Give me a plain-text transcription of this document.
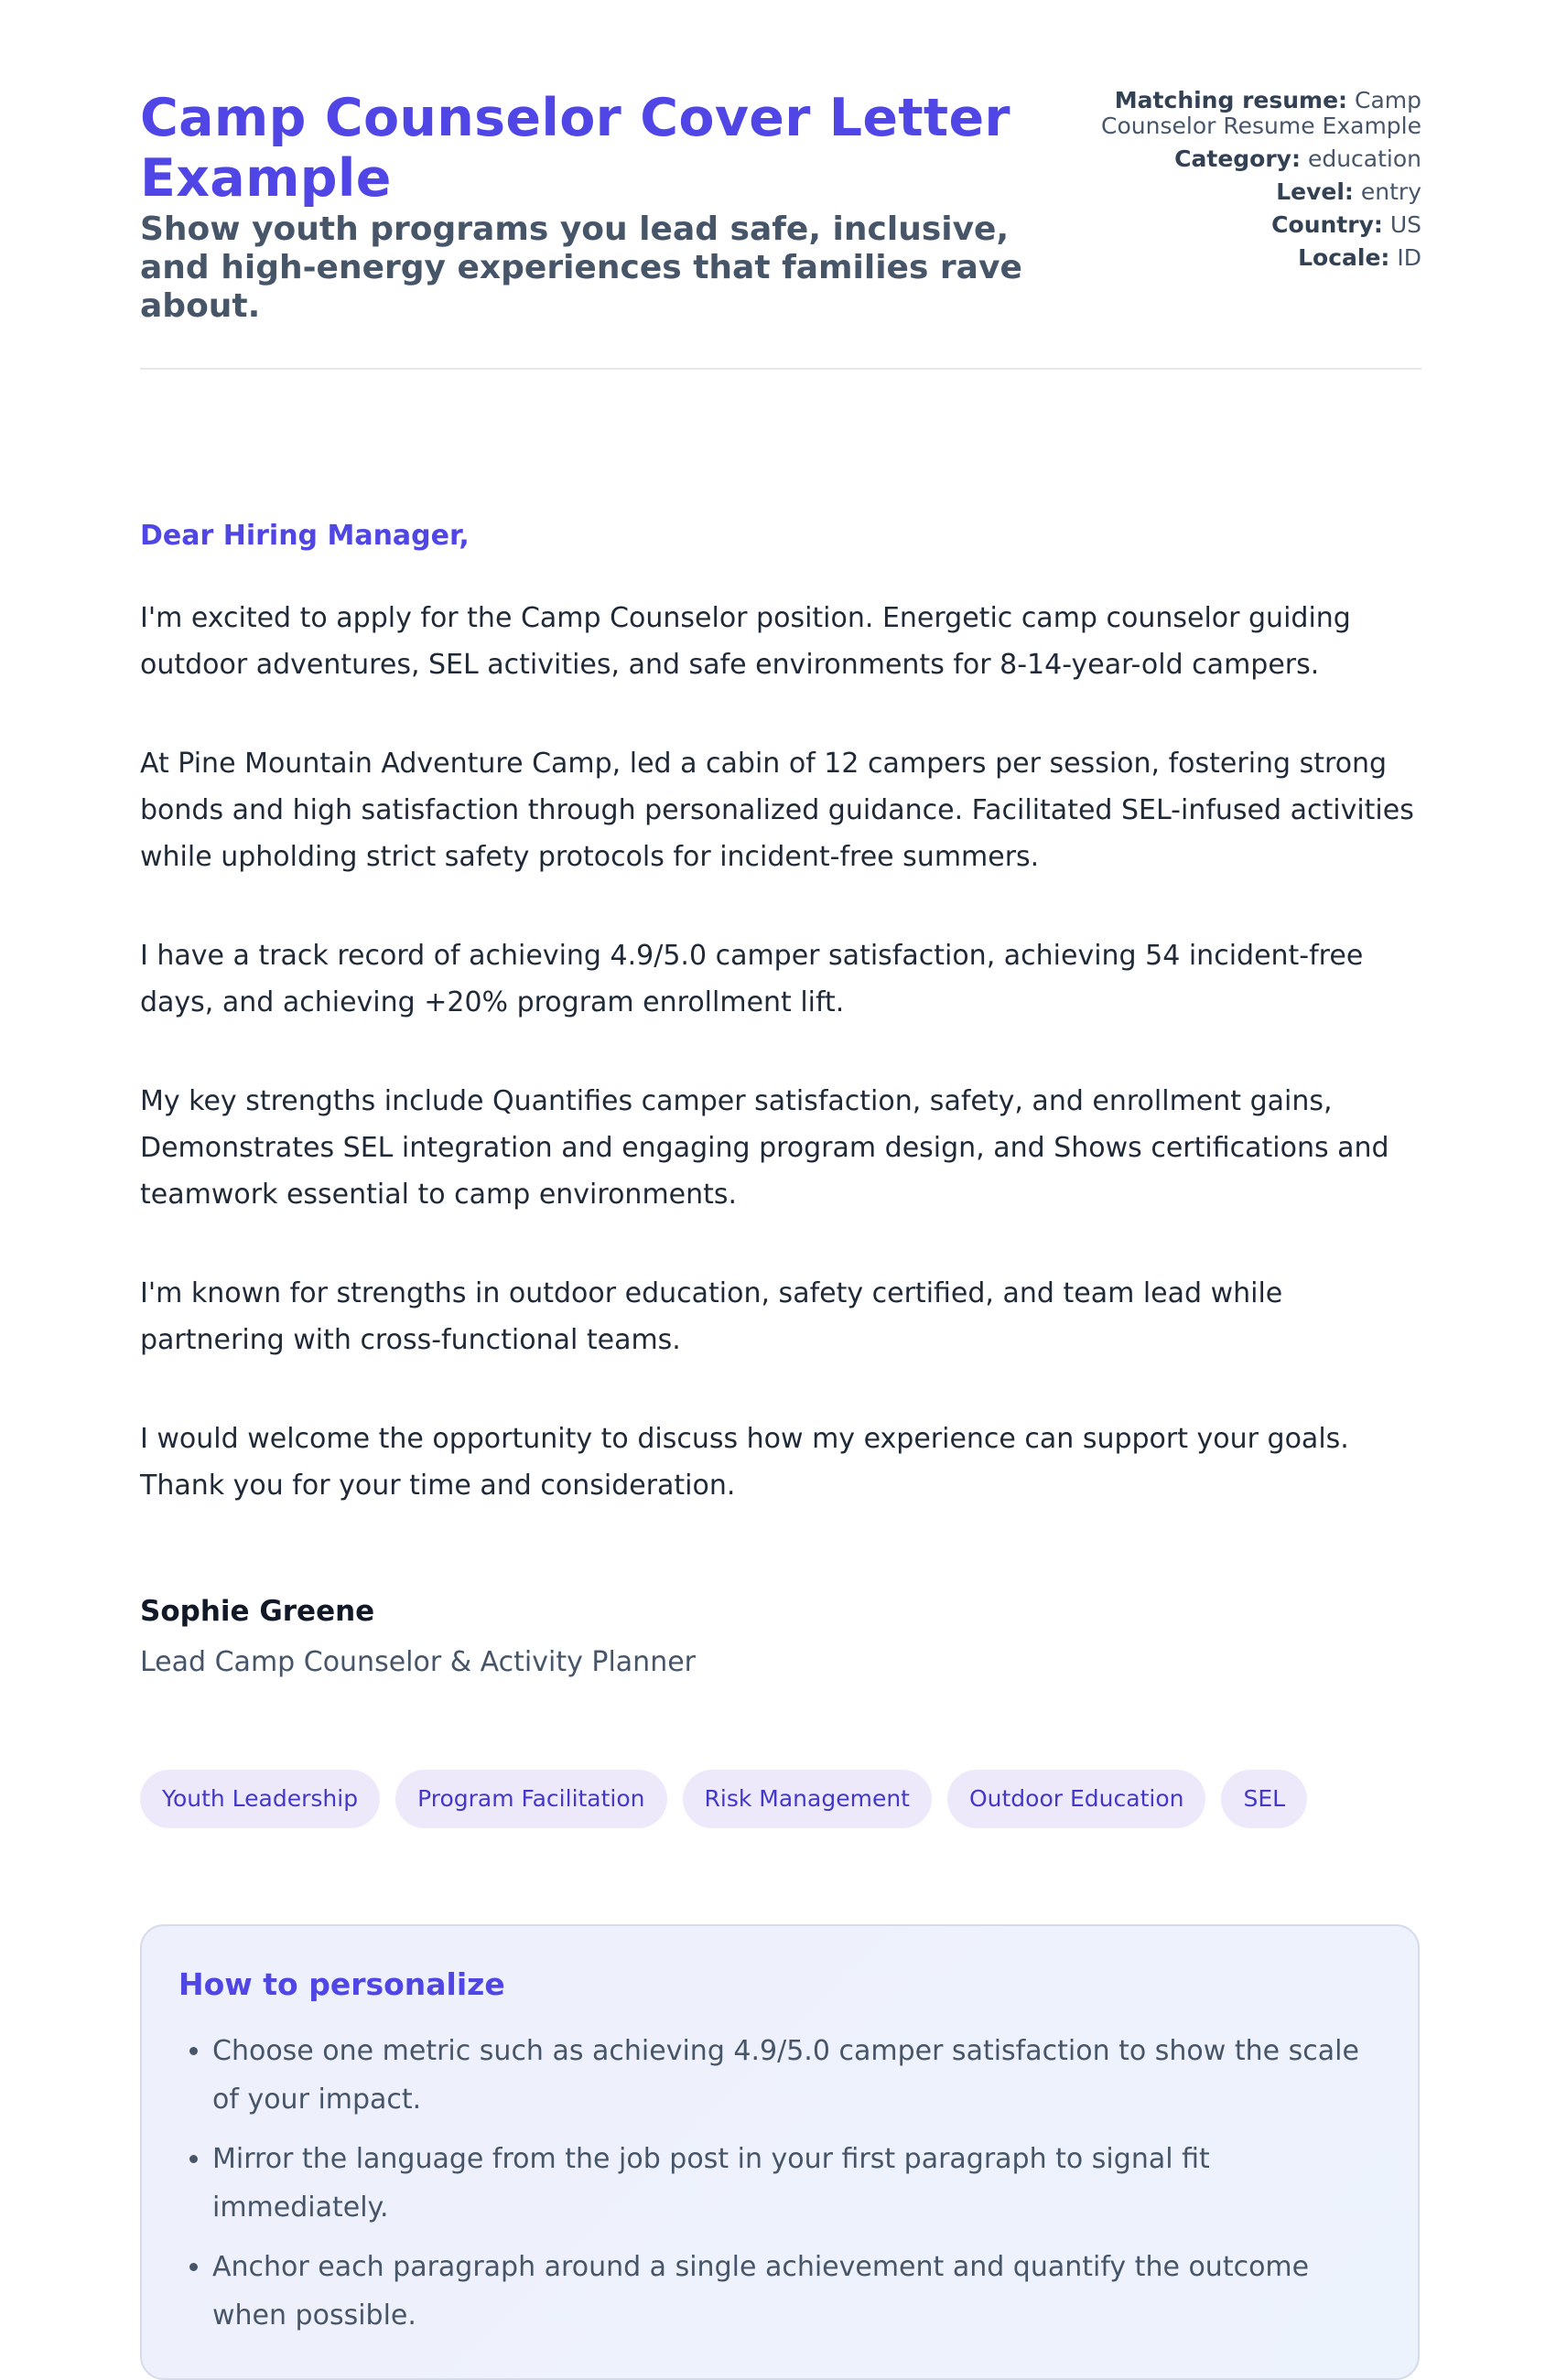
Camp Counselor Cover Letter Example

Show youth programs you lead safe, inclusive, and high-energy experiences that families rave about.

Matching resume: Camp Counselor Resume Example
Category: education
Level: entry
Country: US
Locale: ID

Dear Hiring Manager,

I'm excited to apply for the Camp Counselor position. Energetic camp counselor guiding outdoor adventures, SEL activities, and safe environments for 8-14-year-old campers.

At Pine Mountain Adventure Camp, led a cabin of 12 campers per session, fostering strong bonds and high satisfaction through personalized guidance. Facilitated SEL-infused activities while upholding strict safety protocols for incident-free summers.

I have a track record of achieving 4.9/5.0 camper satisfaction, achieving 54 incident-free days, and achieving +20% program enrollment lift.

My key strengths include Quantifies camper satisfaction, safety, and enrollment gains, Demonstrates SEL integration and engaging program design, and Shows certifications and teamwork essential to camp environments.

I'm known for strengths in outdoor education, safety certified, and team lead while partnering with cross-functional teams.

I would welcome the opportunity to discuss how my experience can support your goals. Thank you for your time and consideration.

Sophie Greene
Lead Camp Counselor & Activity Planner
Youth Leadership	Program Facilitation	Risk Management	Outdoor Education	SEL
How to personalize
• Choose one metric such as achieving 4.9/5.0 camper satisfaction to show the scale of your impact.
• Mirror the language from the job post in your first paragraph to signal fit immediately.
• Anchor each paragraph around a single achievement and quantify the outcome when possible.
